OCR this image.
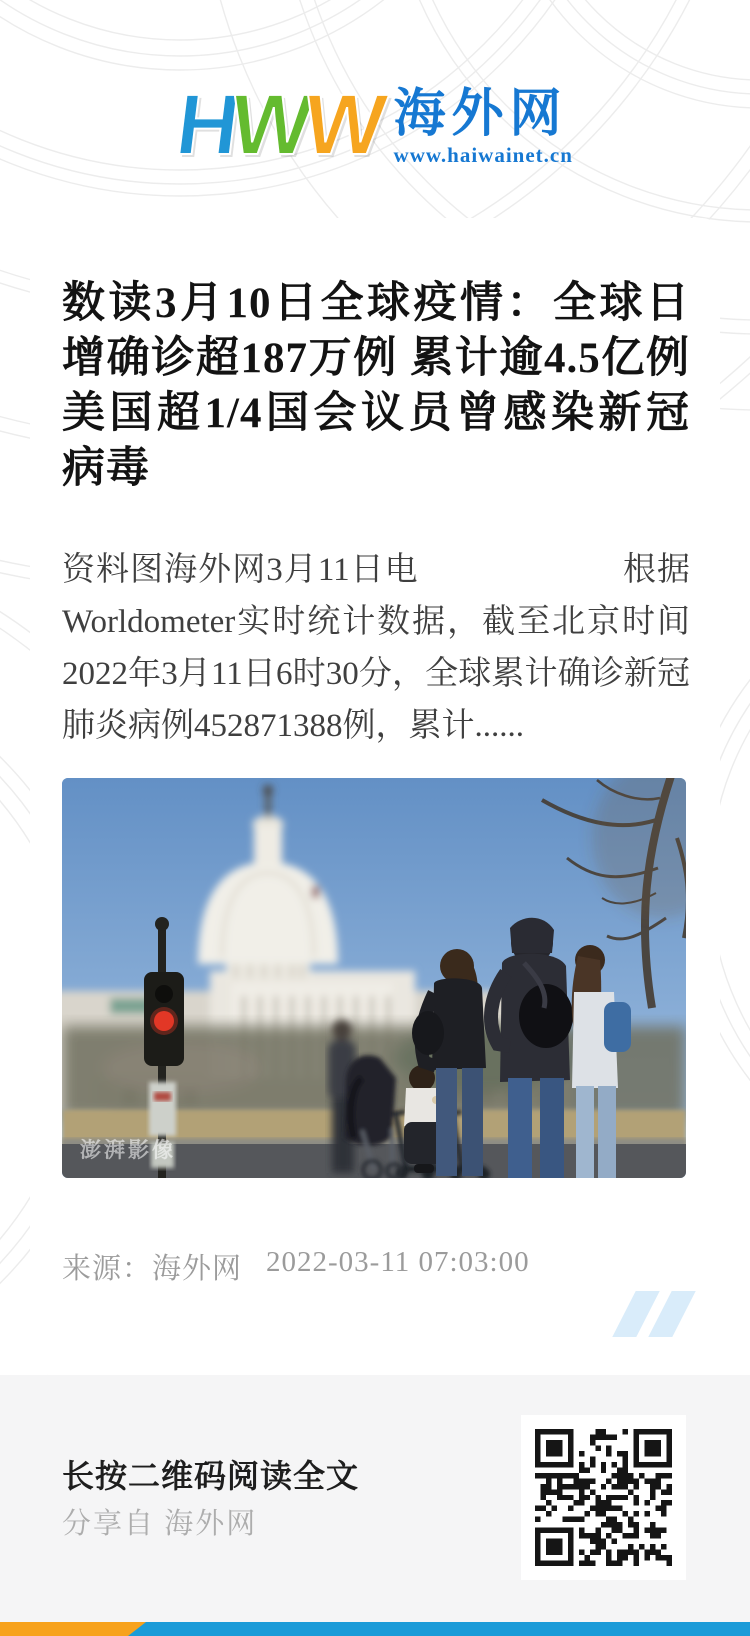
H
W
W 海外网
www.haiwainet.cn
数读3月10日全球疫情：全球日增确诊超187万例 累计逾4.5亿例 美国超1/4国会议员曾感染新冠病毒

资料图海外网3月11日电　　　　　　根据Worldometer实时统计数据，截至北京时间2022年3月11日6时30分，全球累计确诊新冠肺炎病例452871388例，累计......

澎湃影像
来源：海外网 2022-03-11 07:03:00
长按二维码阅读全文
分享自 海外网
